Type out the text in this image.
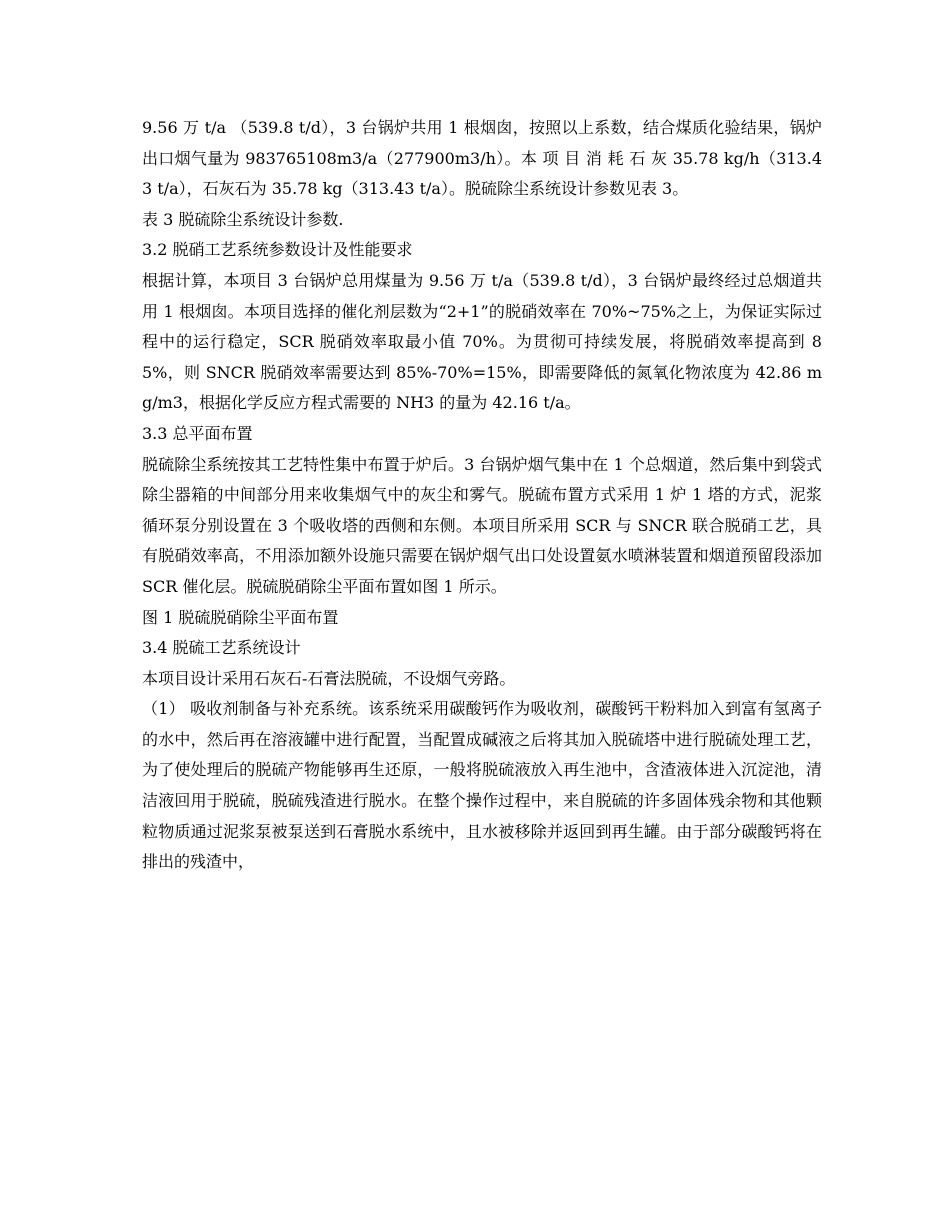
9.56 万 t/a （539.8 t/d），3 台锅炉共用 1 根烟囱，按照以上系数，结合煤质化验结果，锅炉出口烟气量为 983765108m3/a（277900m3/h）。本 项 目 消 耗 石 灰 35.78 kg/h（313.43 t/a），石灰石为 35.78 kg（313.43 t/a）。脱硫除尘系统设计参数见表 3。

表 3 脱硫除尘系统设计参数.

3.2 脱硝工艺系统参数设计及性能要求

根据计算，本项目 3 台锅炉总用煤量为 9.56 万 t/a（539.8 t/d），3 台锅炉最终经过总烟道共用 1 根烟囱。本项目选择的催化剂层数为“2+1”的脱硝效率在 70%~75%之上，为保证实际过程中的运行稳定，SCR 脱硝效率取最小值 70%。为贯彻可持续发展，将脱硝效率提高到 85%，则 SNCR 脱硝效率需要达到 85%-70%=15%，即需要降低的氮氧化物浓度为 42.86 mg/m3，根据化学反应方程式需要的 NH3 的量为 42.16 t/a。

3.3 总平面布置

脱硫除尘系统按其工艺特性集中布置于炉后。3 台锅炉烟气集中在 1 个总烟道，然后集中到袋式除尘器箱的中间部分用来收集烟气中的灰尘和雾气。脱硫布置方式采用 1 炉 1 塔的方式，泥浆循环泵分别设置在 3 个吸收塔的西侧和东侧。本项目所采用 SCR 与 SNCR 联合脱硝工艺，具有脱硝效率高，不用添加额外设施只需要在锅炉烟气出口处设置氨水喷淋装置和烟道预留段添加 SCR 催化层。脱硫脱硝除尘平面布置如图 1 所示。

图 1 脱硫脱硝除尘平面布置

3.4 脱硫工艺系统设计

本项目设计采用石灰石-石膏法脱硫，不设烟气旁路。

（1） 吸收剂制备与补充系统。该系统采用碳酸钙作为吸收剂，碳酸钙干粉料加入到富有氢离子的水中，然后再在溶液罐中进行配置，当配置成碱液之后将其加入脱硫塔中进行脱硫处理工艺，为了使处理后的脱硫产物能够再生还原，一般将脱硫液放入再生池中，含渣液体进入沉淀池，清洁液回用于脱硫，脱硫残渣进行脱水。在整个操作过程中，来自脱硫的许多固体残余物和其他颗粒物质通过泥浆泵被泵送到石膏脱水系统中，且水被移除并返回到再生罐。由于部分碳酸钙将在排出的残渣中，
